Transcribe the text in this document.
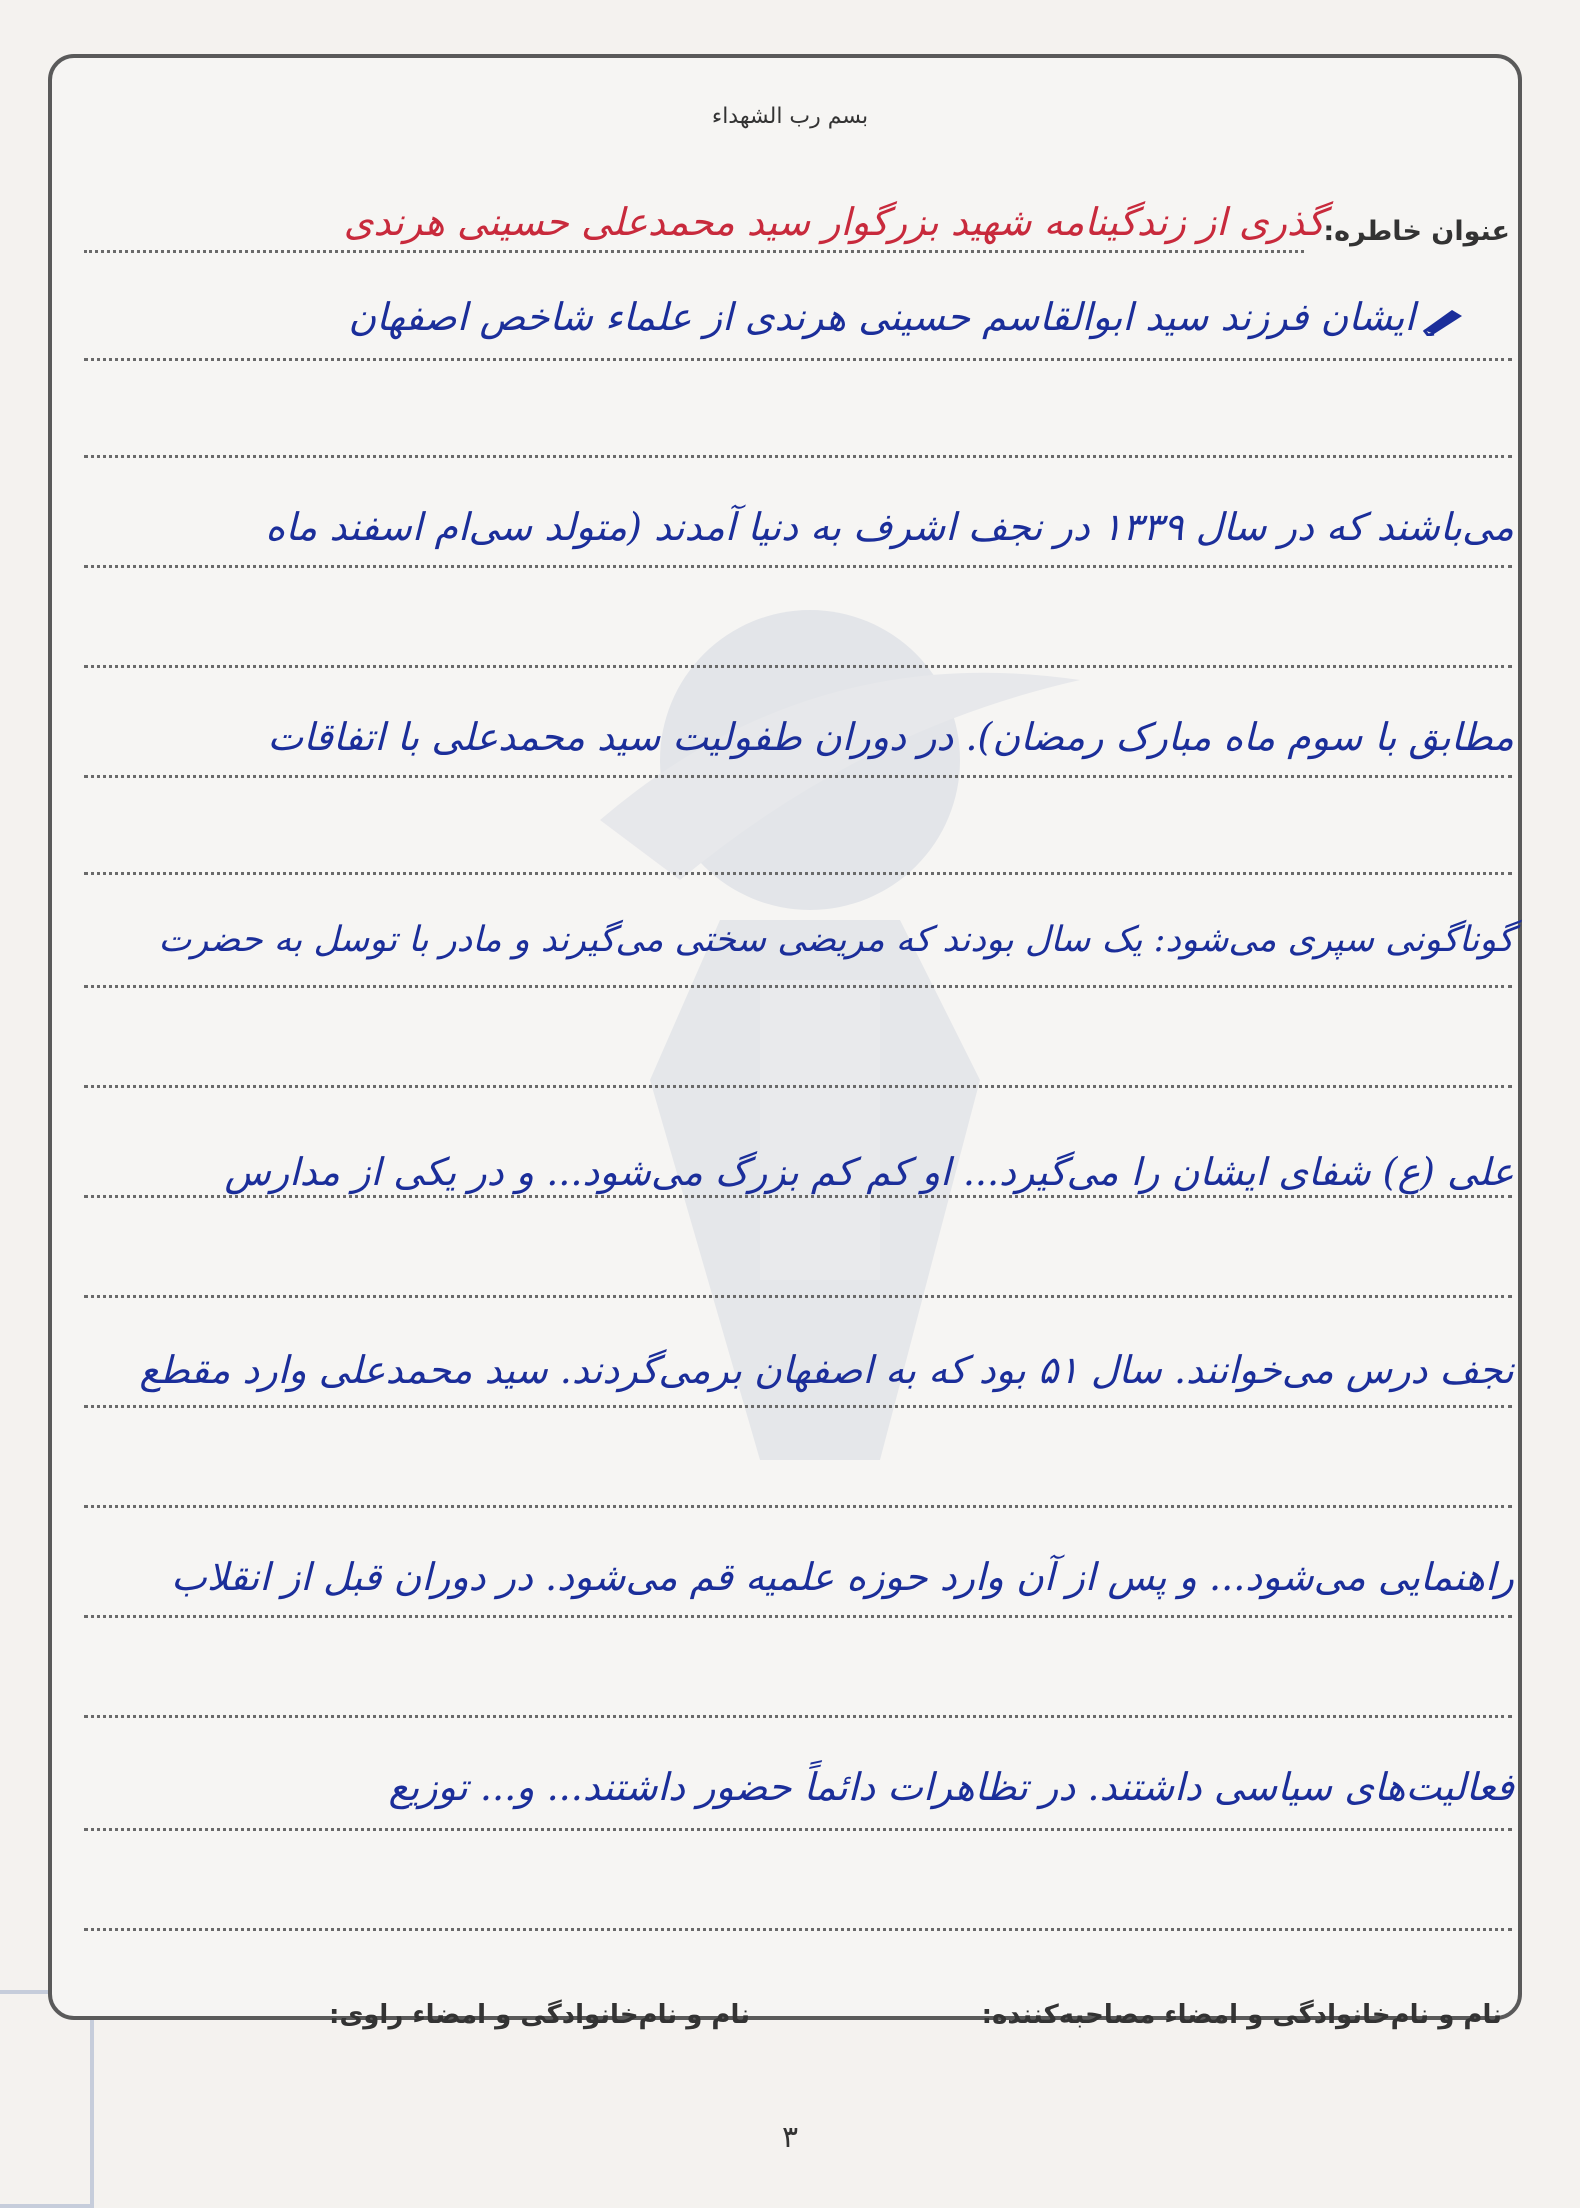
بسم رب الشهداء
عنوان خاطره:
گذری از زندگینامه شهید بزرگوار سید محمدعلی حسینی هرندی
ایشان فرزند سید ابوالقاسم حسینی هرندی از علماء شاخص اصفهان
می‌باشند که در سال ۱۳۳۹ در نجف اشرف به دنیا آمدند (متولد سی‌ام اسفند ماه
مطابق با سوم ماه مبارک رمضان). در دوران طفولیت سید محمدعلی با اتفاقات
گوناگونی سپری می‌شود: یک سال بودند که مریضی سختی می‌گیرند و مادر با توسل به حضرت
علی (ع) شفای ایشان را می‌گیرد... او کم کم بزرگ می‌شود... و در یکی از مدارس
نجف درس می‌خوانند. سال ۵۱ بود که به اصفهان برمی‌گردند. سید محمدعلی وارد مقطع
راهنمایی می‌شود... و پس از آن وارد حوزه علمیه قم می‌شود. در دوران قبل از انقلاب
فعالیت‌های سیاسی داشتند. در تظاهرات دائماً حضور داشتند... و... توزیع
نام و نام‌خانوادگی و امضاء مصاحبه‌کننده:
نام و نام‌خانوادگی و امضاء راوی:
۳
